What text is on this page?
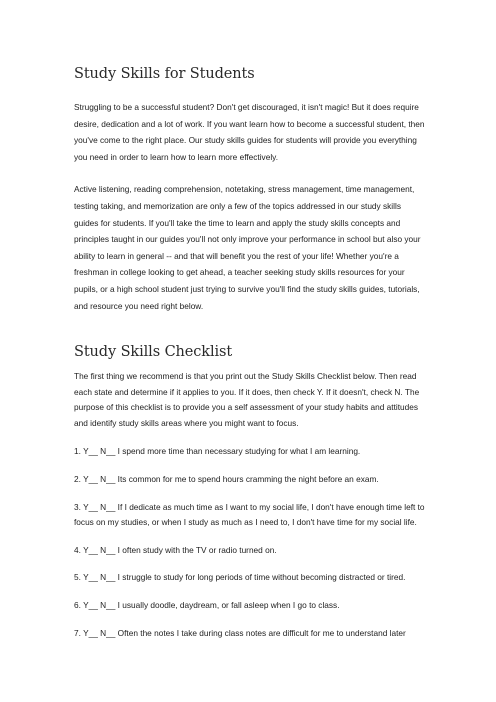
Study Skills for Students

Struggling to be a successful student? Don't get discouraged, it isn't magic! But it does require desire, dedication and a lot of work. If you want learn how to become a successful student, then you've come to the right place. Our study skills guides for students will provide you everything you need in order to learn how to learn more effectively.

Active listening, reading comprehension, notetaking, stress management, time management, testing taking, and memorization are only a few of the topics addressed in our study skills guides for students. If you'll take the time to learn and apply the study skills concepts and principles taught in our guides you'll not only improve your performance in school but also your ability to learn in general -- and that will benefit you the rest of your life! Whether you're a freshman in college looking to get ahead, a teacher seeking study skills resources for your pupils, or a high school student just trying to survive you'll find the study skills guides, tutorials, and resource you need right below.

Study Skills Checklist

The first thing we recommend is that you print out the Study Skills Checklist below. Then read each state and determine if it applies to you. If it does, then check Y. If it doesn't, check N. The purpose of this checklist is to provide you a self assessment of your study habits and attitudes and identify study skills areas where you might want to focus.

1. Y__ N__ I spend more time than necessary studying for what I am learning.

2. Y__ N__ Its common for me to spend hours cramming the night before an exam.

3. Y__ N__ If I dedicate as much time as I want to my social life, I don't have enough time left to focus on my studies, or when I study as much as I need to, I don't have time for my social life.

4. Y__ N__ I often study with the TV or radio turned on.

5. Y__ N__ I struggle to study for long periods of time without becoming distracted or tired.

6. Y__ N__ I usually doodle, daydream, or fall asleep when I go to class.

7. Y__ N__ Often the notes I take during class notes are difficult for me to understand later
